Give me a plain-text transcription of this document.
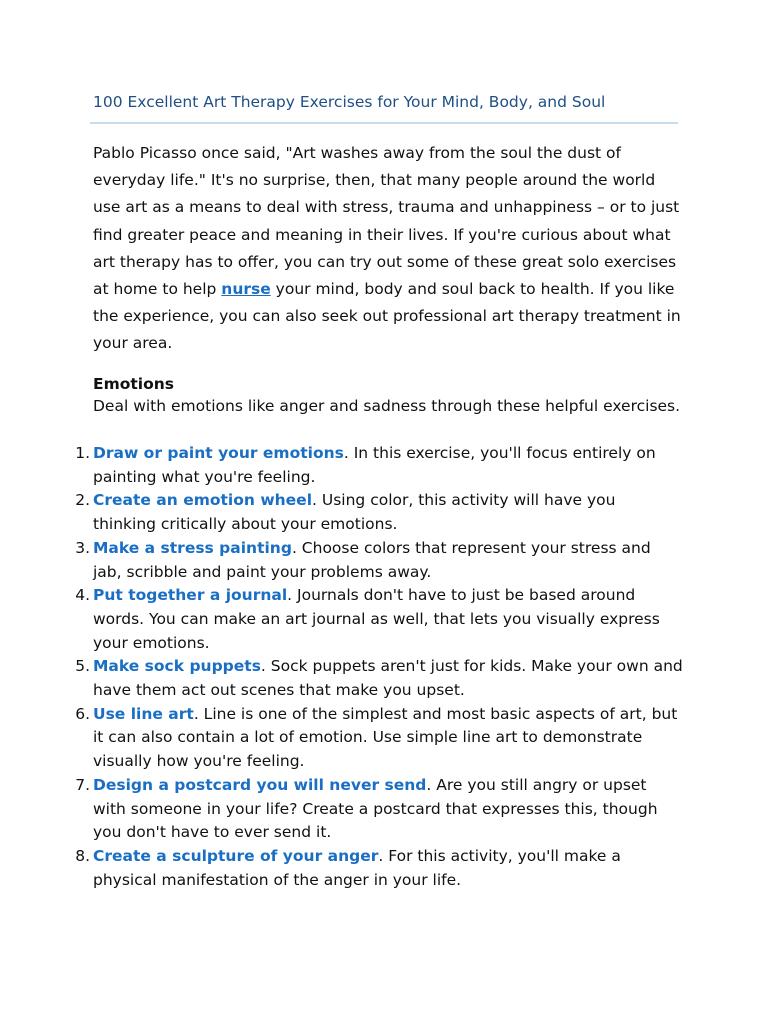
100 Excellent Art Therapy Exercises for Your Mind, Body, and Soul

Pablo Picasso once said, "Art washes away from the soul the dust of everyday life." It's no surprise, then, that many people around the world use art as a means to deal with stress, trauma and unhappiness – or to just find greater peace and meaning in their lives. If you're curious about what art therapy has to offer, you can try out some of these great solo exercises at home to help nurse your mind, body and soul back to health. If you like the experience, you can also seek out professional art therapy treatment in your area.

Emotions

Deal with emotions like anger and sadness through these helpful exercises.

1. Draw or paint your emotions. In this exercise, you'll focus entirely on painting what you're feeling.
2. Create an emotion wheel. Using color, this activity will have you thinking critically about your emotions.
3. Make a stress painting. Choose colors that represent your stress and jab, scribble and paint your problems away.
4. Put together a journal. Journals don't have to just be based around words. You can make an art journal as well, that lets you visually express your emotions.
5. Make sock puppets. Sock puppets aren't just for kids. Make your own and have them act out scenes that make you upset.
6. Use line art. Line is one of the simplest and most basic aspects of art, but it can also contain a lot of emotion. Use simple line art to demonstrate visually how you're feeling.
7. Design a postcard you will never send. Are you still angry or upset with someone in your life? Create a postcard that expresses this, though you don't have to ever send it.
8. Create a sculpture of your anger. For this activity, you'll make a physical manifestation of the anger in your life.
